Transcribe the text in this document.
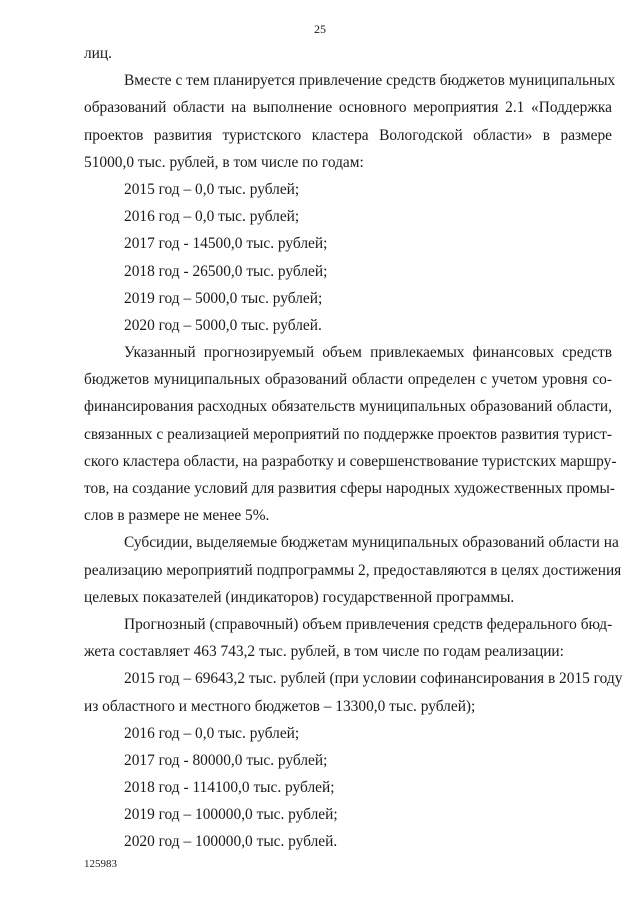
25
лиц.
Вместе с тем планируется привлечение средств бюджетов муниципальных
образований области на выполнение основного мероприятия 2.1 «Поддержка
проектов развития туристского кластера Вологодской области» в размере
51000,0 тыс. рублей, в том числе по годам:
2015 год – 0,0 тыс. рублей;
2016 год – 0,0 тыс. рублей;
2017 год - 14500,0 тыс. рублей;
2018 год - 26500,0 тыс. рублей;
2019 год – 5000,0 тыс. рублей;
2020 год – 5000,0 тыс. рублей.
Указанный прогнозируемый объем привлекаемых финансовых средств
бюджетов муниципальных образований области определен с учетом уровня со-
финансирования расходных обязательств муниципальных образований области,
связанных с реализацией мероприятий по поддержке проектов развития турист-
ского кластера области, на разработку и совершенствование туристских маршру-
тов, на создание условий для развития сферы народных художественных промы-
слов в размере не менее 5%.
Субсидии, выделяемые бюджетам муниципальных образований области на
реализацию мероприятий подпрограммы 2, предоставляются в целях достижения
целевых показателей (индикаторов) государственной программы.
Прогнозный (справочный) объем привлечения средств федерального бюд-
жета составляет 463 743,2 тыс. рублей, в том числе по годам реализации:
2015 год – 69643,2 тыс. рублей (при условии софинансирования в 2015 году
из областного и местного бюджетов – 13300,0 тыс. рублей);
2016 год – 0,0 тыс. рублей;
2017 год - 80000,0 тыс. рублей;
2018 год - 114100,0 тыс. рублей;
2019 год – 100000,0 тыс. рублей;
2020 год – 100000,0 тыс. рублей.
125983
